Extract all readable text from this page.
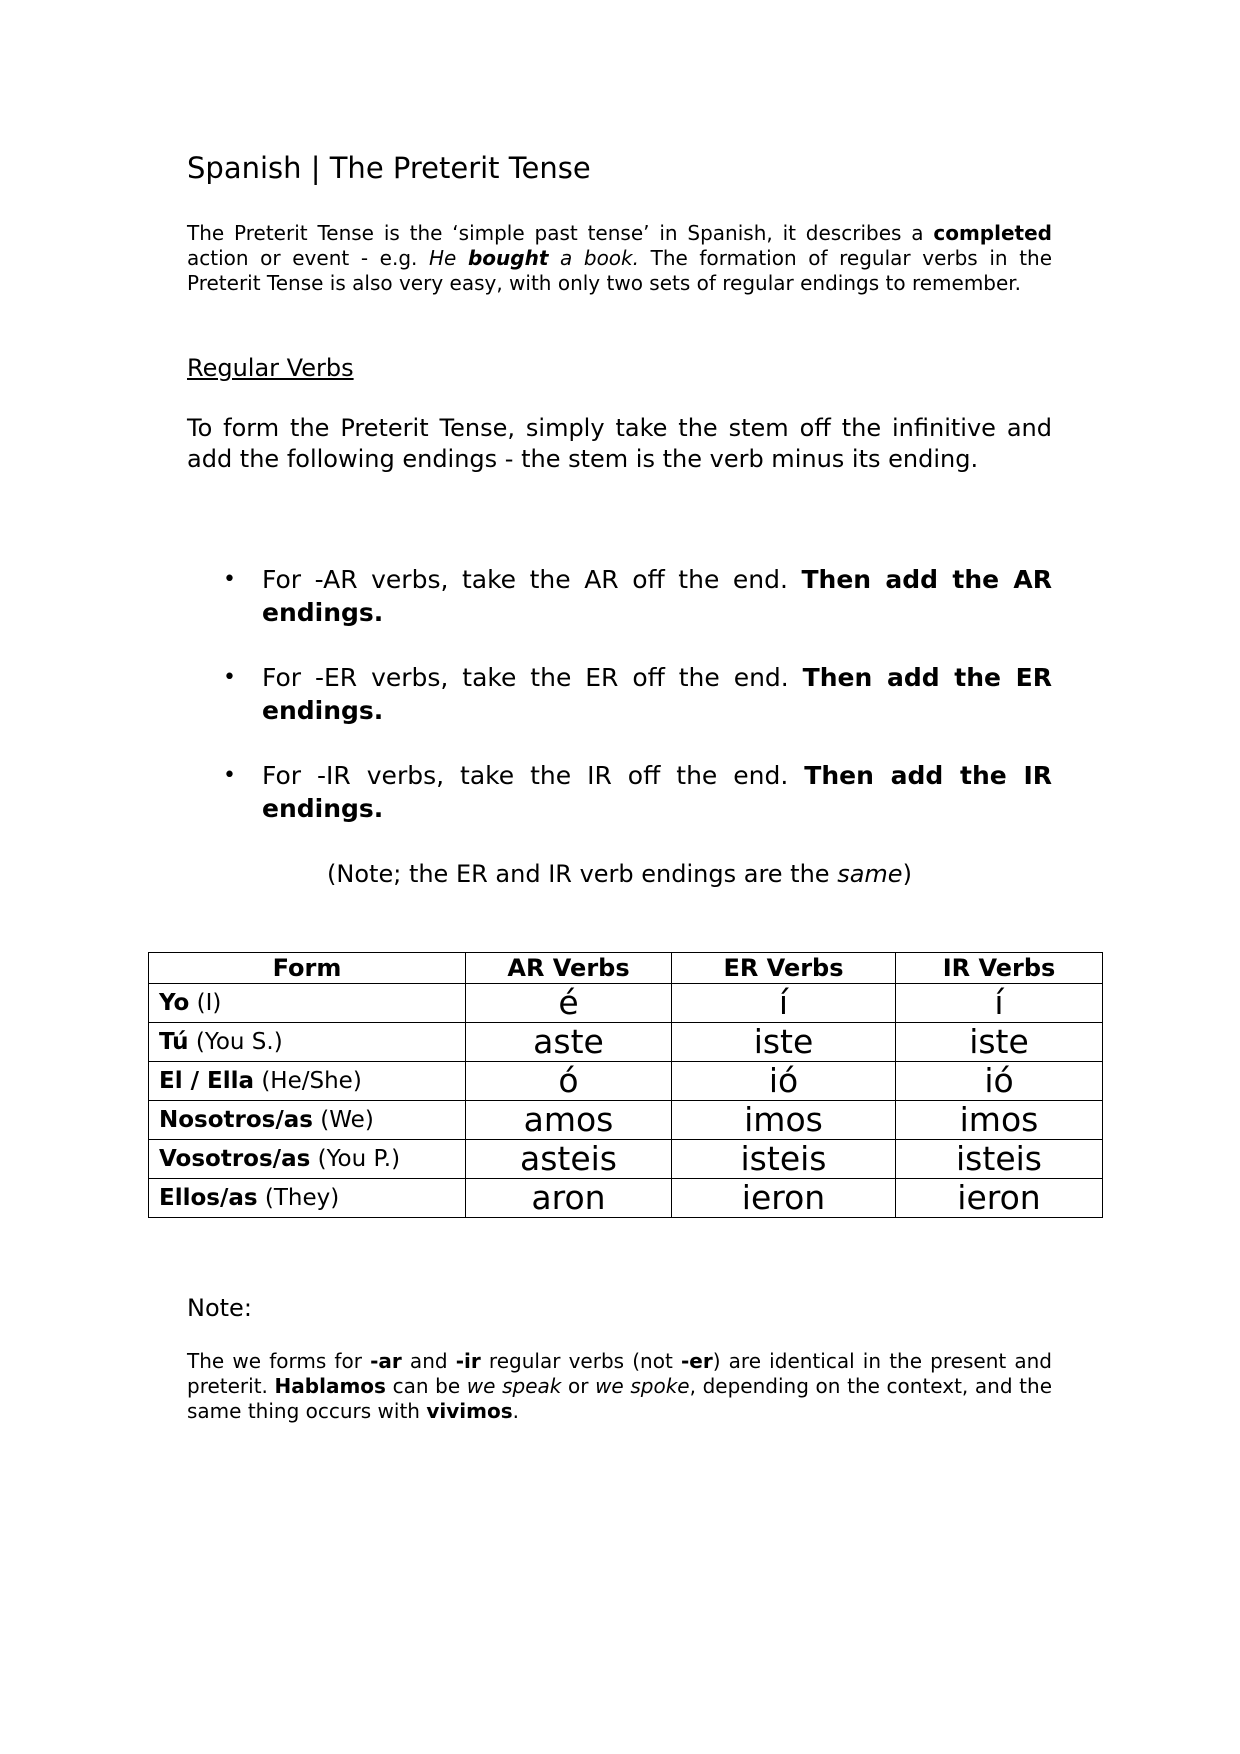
Spanish | The Preterit Tense

The Preterit Tense is the ‘simple past tense’ in Spanish, it describes a completed action or event - e.g. He bought a book. The formation of regular verbs in the Preterit Tense is also very easy, with only two sets of regular endings to remember.

Regular Verbs

To form the Preterit Tense, simply take the stem off the infinitive and add the following endings - the stem is the verb minus its ending.

• For -AR verbs, take the AR off the end. Then add the AR endings.
• For -ER verbs, take the ER off the end. Then add the ER endings.
• For -IR verbs, take the IR off the end. Then add the IR endings.
(Note; the ER and IR verb endings are the same)
Form	AR Verbs	ER Verbs	IR Verbs
Yo (I)	é	í	í
Tú (You S.)	aste	iste	iste
El / Ella (He/She)	ó	ió	ió
Nosotros/as (We)	amos	imos	imos
Vosotros/as (You P.)	asteis	isteis	isteis
Ellos/as (They)	aron	ieron	ieron
Note:

The we forms for -ar and -ir regular verbs (not -er) are identical in the present and preterit. Hablamos can be we speak or we spoke, depending on the context, and the same thing occurs with vivimos.
